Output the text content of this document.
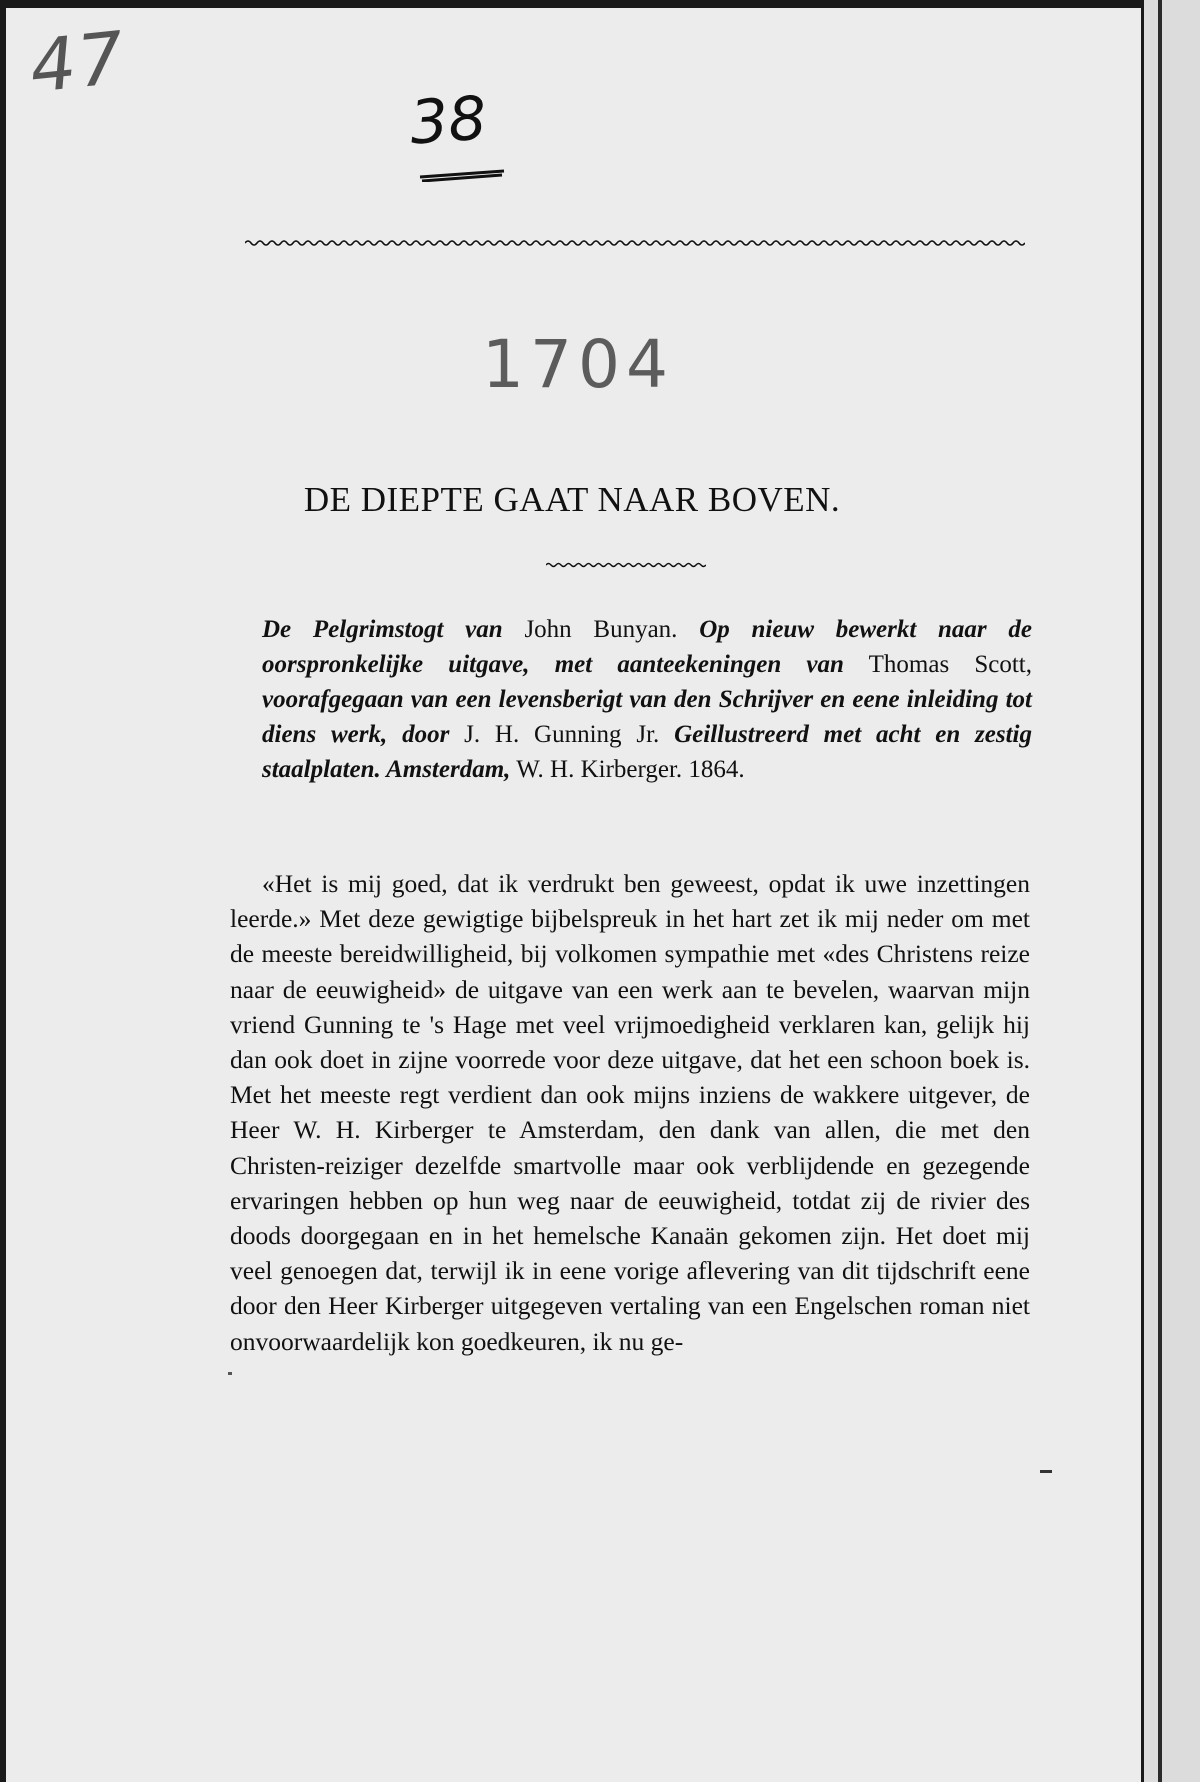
47
38
1704
DE DIEPTE GAAT NAAR BOVEN.

De Pelgrimstogt van John Bunyan. Op nieuw bewerkt naar de oorspronkelijke uitgave, met aanteekeningen van Thomas Scott, voorafgegaan van een levensberigt van den Schrijver en eene inleiding tot diens werk, door J. H. Gunning Jr. Geillustreerd met acht en zestig staalplaten. Amsterdam, W. H. Kirberger. 1864.

«Het is mij goed, dat ik verdrukt ben geweest, opdat ik uwe inzettingen leerde.» Met deze gewigtige bijbelspreuk in het hart zet ik mij neder om met de meeste bereidwilligheid, bij volkomen sympathie met «des Christens reize naar de eeuwigheid» de uitgave van een werk aan te bevelen, waarvan mijn vriend Gunning te 's Hage met veel vrijmoedigheid verklaren kan, gelijk hij dan ook doet in zijne voorrede voor deze uitgave, dat het een schoon boek is. Met het meeste regt verdient dan ook mijns inziens de wakkere uitgever, de Heer W. H. Kirberger te Amsterdam, den dank van allen, die met den Christen-reiziger dezelfde smartvolle maar ook verblijdende en gezegende ervaringen hebben op hun weg naar de eeuwigheid, totdat zij de rivier des doods doorgegaan en in het hemelsche Kanaän gekomen zijn. Het doet mij veel genoegen dat, terwijl ik in eene vorige aflevering van dit tijdschrift eene door den Heer Kirberger uitgegeven vertaling van een Engelschen roman niet onvoorwaardelijk kon goedkeuren, ik nu ge-
